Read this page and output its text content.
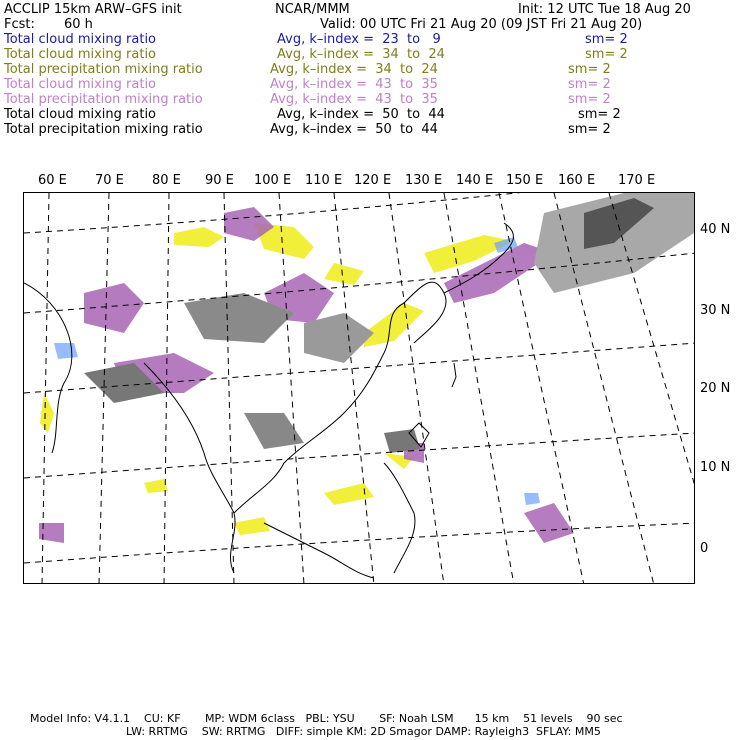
ACCLIP 15km ARW–GFS init	NCAR/MMM	Init: 12 UTC Tue 18 Aug 20
Fcst: 60 h	Valid: 00 UTC Fri 21 Aug 20 (09 JST Fri 21 Aug 20)
Total cloud mixing ratio	Avg, k–index =  23  to   9	sm= 2
Total cloud mixing ratio	Avg, k–index =  34  to  24	sm= 2
Total precipitation mixing ratio	Avg, k–index =  34  to  24	sm= 2
Total cloud mixing ratio	Avg, k–index =  43  to  35	sm= 2
Total precipitation mixing ratio	Avg, k–index =  43  to  35	sm= 2
Total cloud mixing ratio	Avg, k–index =  50  to  44	sm= 2
Total precipitation mixing ratio	Avg, k–index =  50  to  44	sm= 2
60 E 70 E 80 E 90 E 100 E 110 E 120 E 130 E 140 E 150 E 160 E 170 E
40 N
30 N
20 N
10 N
0
Model Info: V4.1.1    CU: KF       MP: WDM 6class   PBL: YSU       SF: Noah LSM      15 km    51 levels    90 sec
LW: RRTMG    SW: RRTMG   DIFF: simple KM: 2D Smagor DAMP: Rayleigh3  SFLAY: MM5
